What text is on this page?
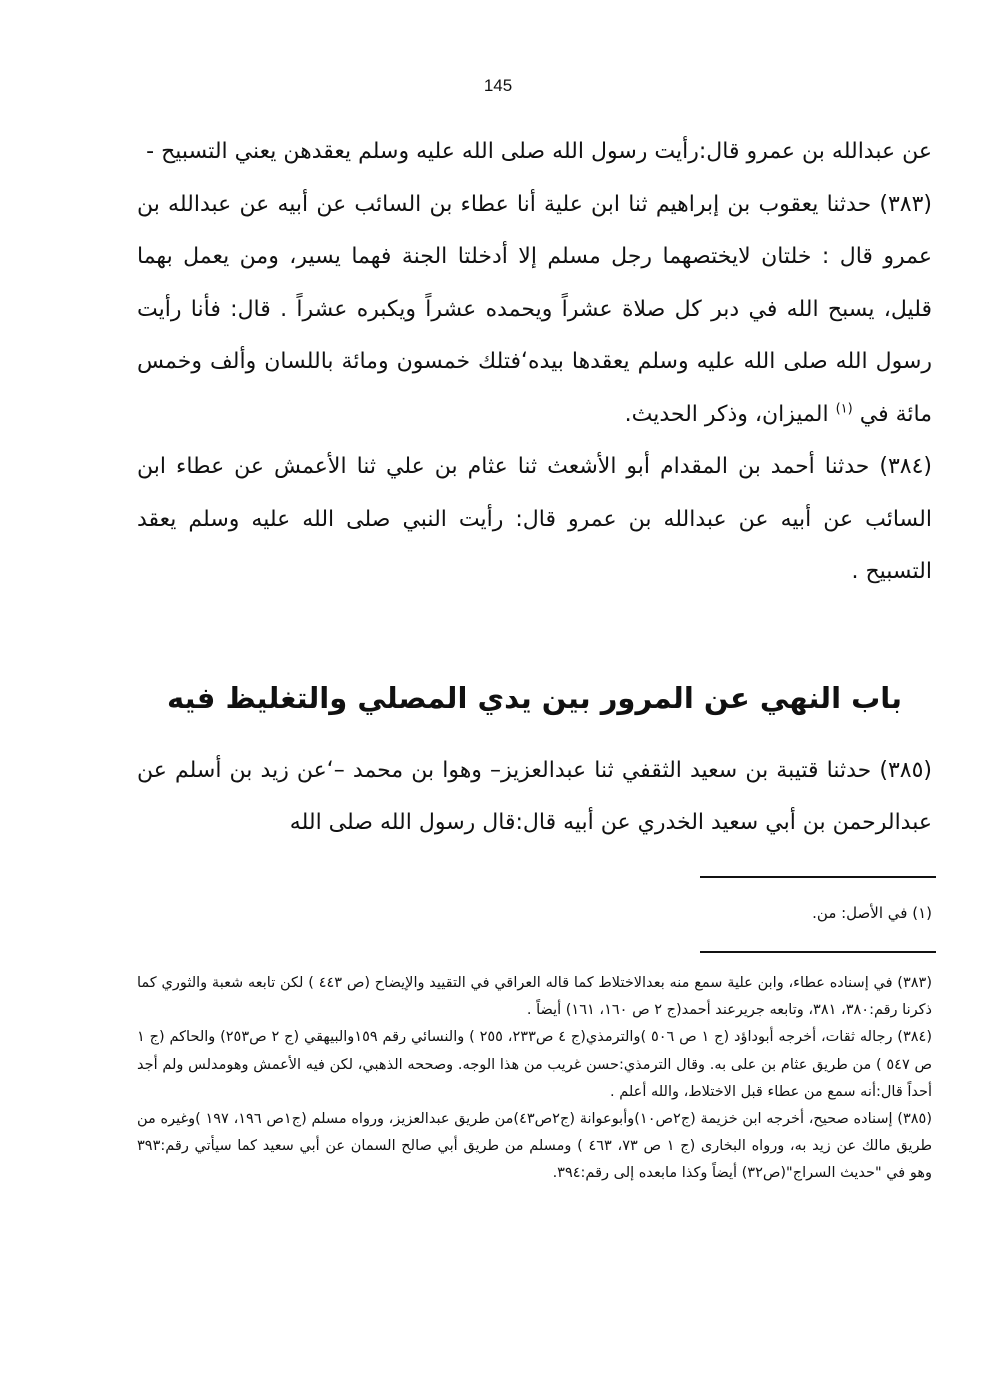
145

عن عبدالله بن عمرو قال:رأيت رسول الله صلى الله عليه وسلم يعقدهن يعني التسبيح -

(٣٨٣) حدثنا يعقوب بن إبراهيم ثنا ابن علية أنا عطاء بن السائب عن أبيه عن عبدالله بن عمرو قال : خلتان لايختصهما رجل مسلم إلا أدخلتا الجنة فهما يسير، ومن يعمل بهما قليل، يسبح الله في دبر كل صلاة عشراً ويحمده عشراً ويكبره عشراً . قال: فأنا رأيت رسول الله صلى الله عليه وسلم يعقدها بيده‘فتلك خمسون ومائة باللسان وألف وخمس مائة في $^{(١)}$ الميزان، وذكر الحديث.

(٣٨٤) حدثنا أحمد بن المقدام أبو الأشعث ثنا عثام بن علي ثنا الأعمش عن عطاء ابن السائب عن أبيه عن عبدالله بن عمرو قال: رأيت النبي صلى الله عليه وسلم يعقد التسبيح .

باب النهي عن المرور بين يدي المصلي والتغليظ فيه

(٣٨٥) حدثنا قتيبة بن سعيد الثقفي ثنا عبدالعزيز– وهوا بن محمد –‘عن زيد بن أسلم عن عبدالرحمن بن أبي سعيد الخدري عن أبيه قال:قال رسول الله صلى الله

(١) في الأصل: من.

(٣٨٣) في إسناده عطاء، وابن علية سمع منه بعدالاختلاط كما قاله العراقي في التقييد والإيضاح (ص ٤٤٣ ) لكن تابعه شعبة والثوري كما ذكرنا رقم:٣٨٠، ٣٨١، وتابعه جريرعند أحمد(ج ٢ ص ١٦٠، ١٦١) أيضاً .

(٣٨٤) رجاله ثقات، أخرجه أبوداؤد (ج ١ ص ٥٠٦ )والترمذي(ج ٤ ص٢٣٣، ٢٥٥ ) والنسائي رقم ١٥٩والبيهقي (ج ٢ ص٢٥٣) والحاكم (ج ١ ص ٥٤٧ ) من طريق عثام بن على به. وقال الترمذي:حسن غريب من هذا الوجه. وصححه الذهبي، لكن فيه الأعمش وهومدلس ولم أجد أحداً قال:أنه سمع من عطاء قبل الاختلاط، والله أعلم .

(٣٨٥) إسناده صحيح، أخرجه ابن خزيمة (ج٢ص١٠)وأبوعوانة (ج٢ص٤٣)من طريق عبدالعزيز، ورواه مسلم (ج١ص ١٩٦، ١٩٧ )وغيره من طريق مالك عن زيد به، ورواه البخارى (ج ١ ص ٧٣، ٤٦٣ ) ومسلم من طريق أبي صالح السمان عن أبي سعيد كما سيأتي رقم:٣٩٣ وهو في "حديث السراج"(ص٣٢) أيضاً وكذا مابعده إلى رقم:٣٩٤.
